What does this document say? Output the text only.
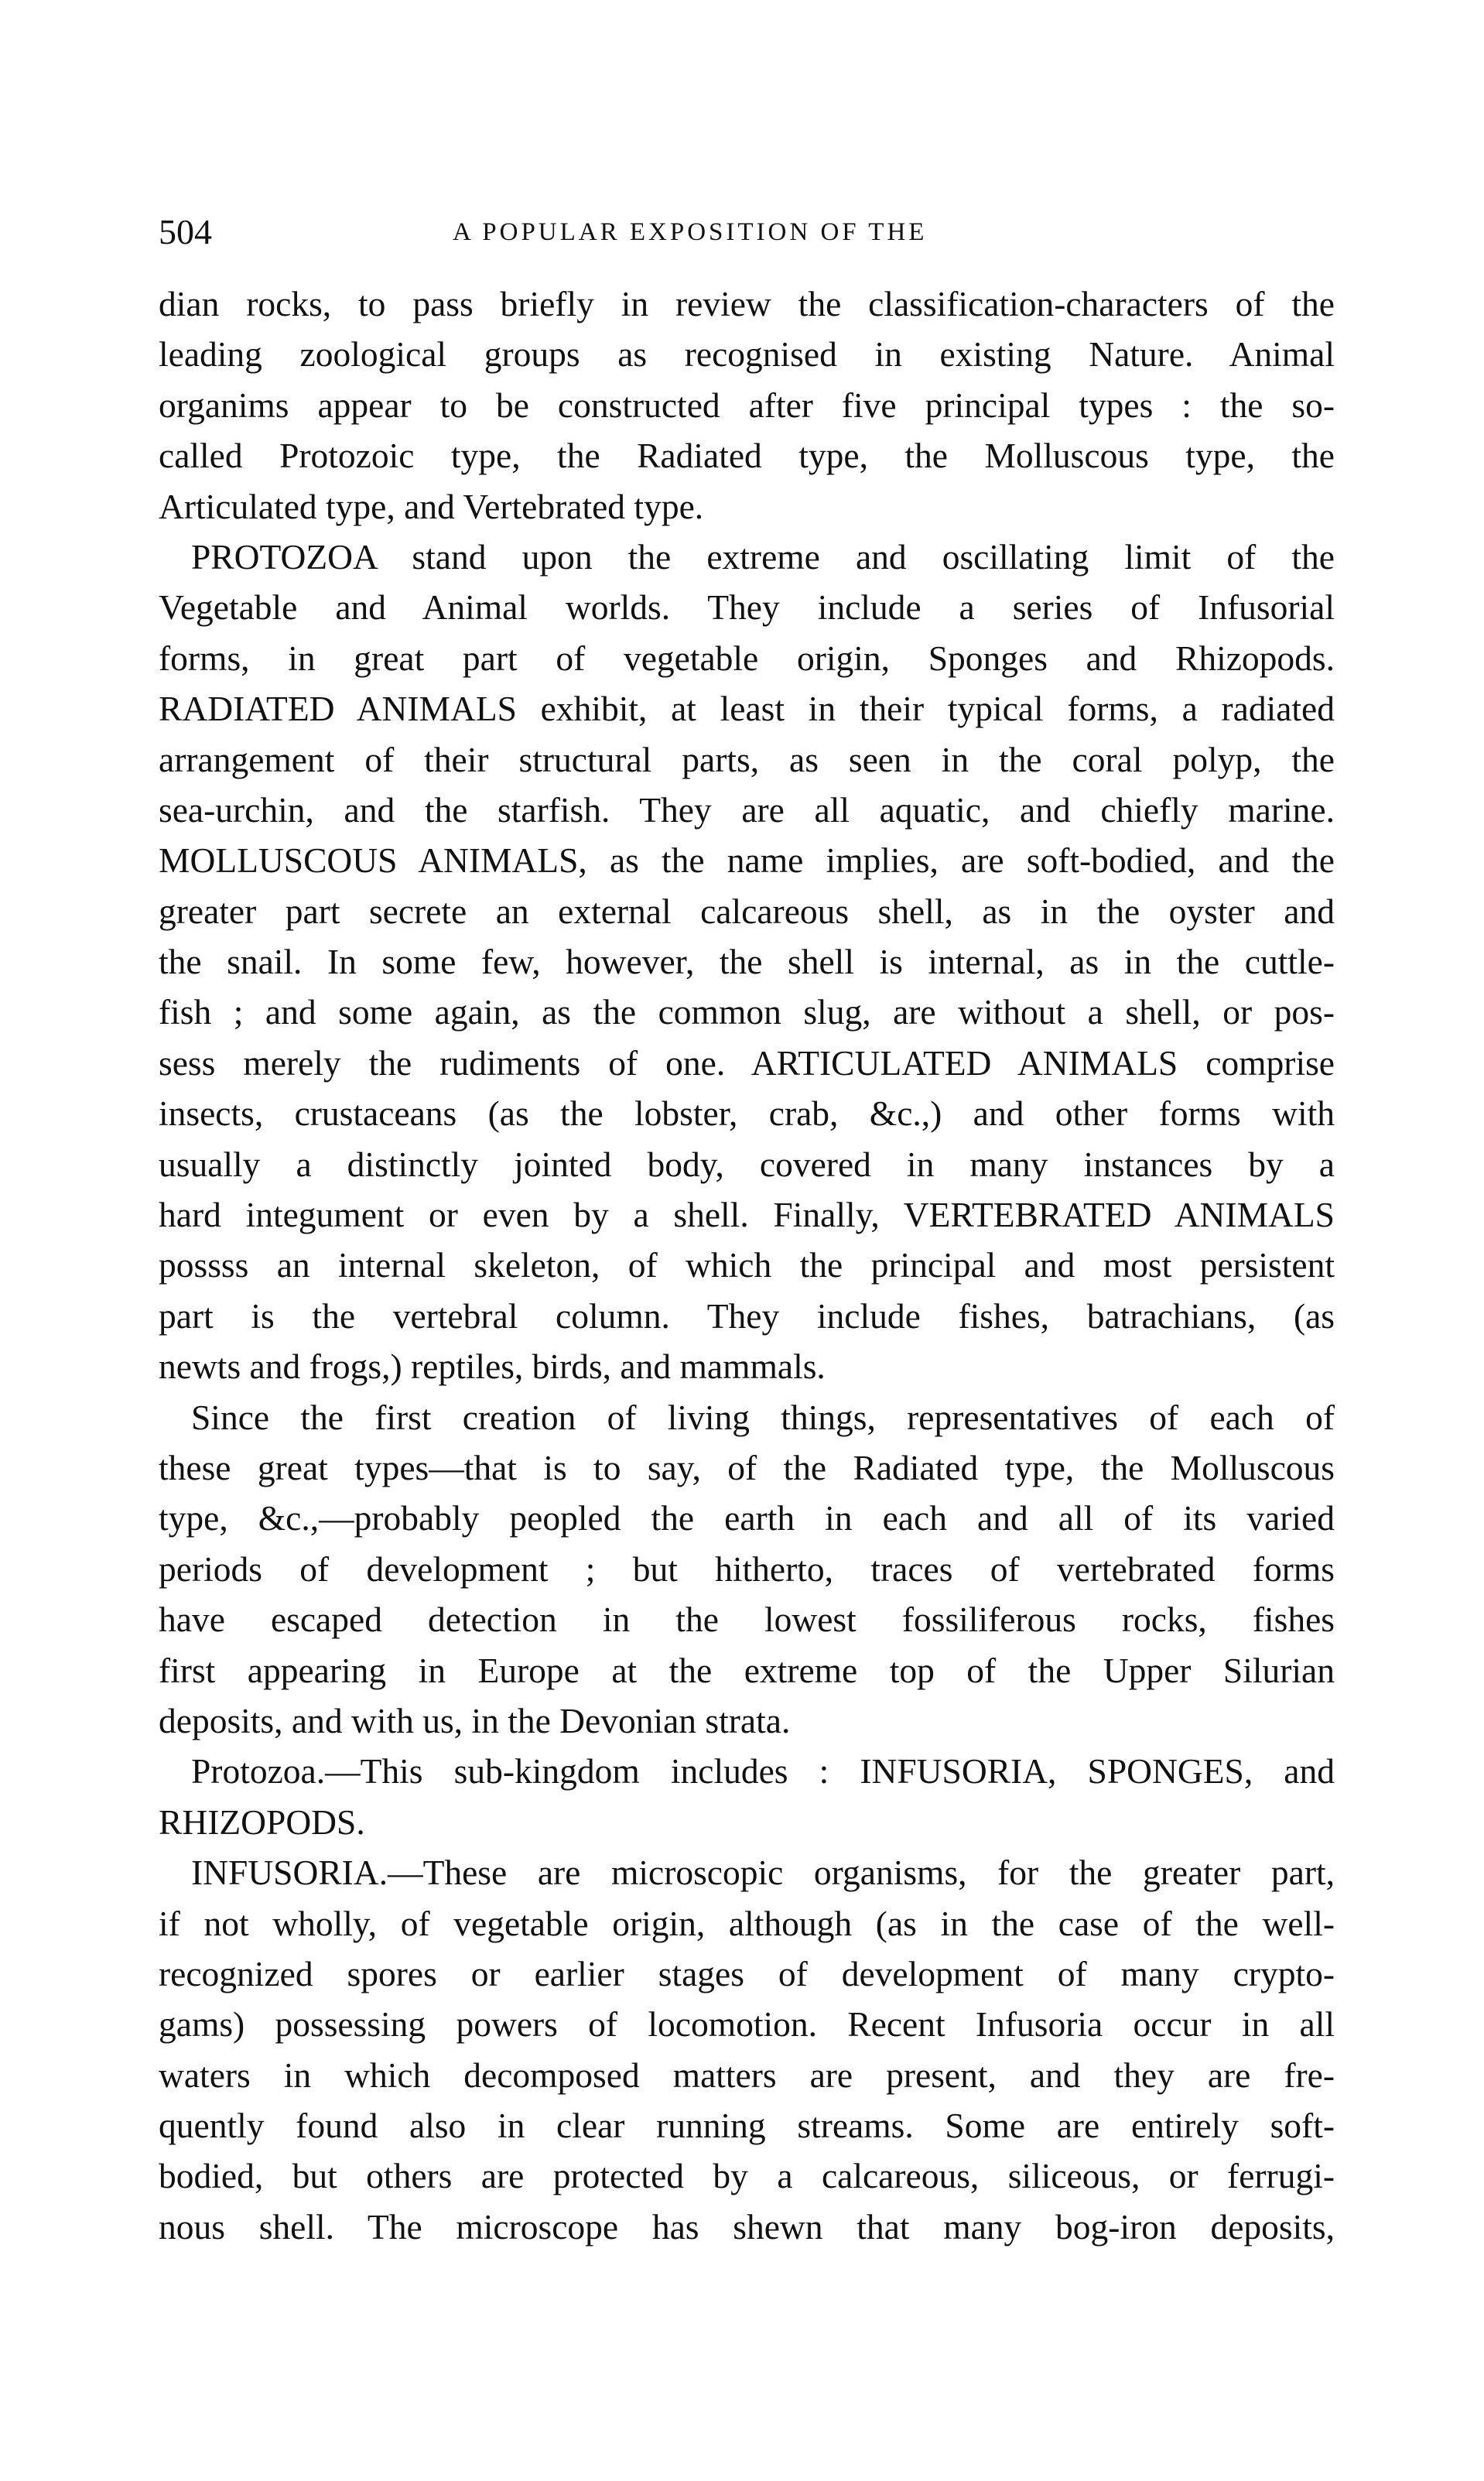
504	A POPULAR EXPOSITION OF THE
dian rocks, to pass briefly in review the classification-characters of the
leading zoological groups as recognised in existing Nature. Animal
organims appear to be constructed after five principal types : the so-
called Protozoic type, the Radiated type, the Molluscous type, the
Articulated type, and Vertebrated type.
PROTOZOA stand upon the extreme and oscillating limit of the
Vegetable and Animal worlds. They include a series of Infusorial
forms, in great part of vegetable origin, Sponges and Rhizopods.
RADIATED ANIMALS exhibit, at least in their typical forms, a radiated
arrangement of their structural parts, as seen in the coral polyp, the
sea-urchin, and the starfish. They are all aquatic, and chiefly marine.
MOLLUSCOUS ANIMALS, as the name implies, are soft-bodied, and the
greater part secrete an external calcareous shell, as in the oyster and
the snail. In some few, however, the shell is internal, as in the cuttle-
fish ; and some again, as the common slug, are without a shell, or pos-
sess merely the rudiments of one. ARTICULATED ANIMALS comprise
insects, crustaceans (as the lobster, crab, &c.,) and other forms with
usually a distinctly jointed body, covered in many instances by a
hard integument or even by a shell. Finally, VERTEBRATED ANIMALS
possss an internal skeleton, of which the principal and most persistent
part is the vertebral column. They include fishes, batrachians, (as
newts and frogs,) reptiles, birds, and mammals.
Since the first creation of living things, representatives of each of
these great types—that is to say, of the Radiated type, the Molluscous
type, &c.,—probably peopled the earth in each and all of its varied
periods of development ; but hitherto, traces of vertebrated forms
have escaped detection in the lowest fossiliferous rocks, fishes
first appearing in Europe at the extreme top of the Upper Silurian
deposits, and with us, in the Devonian strata.
Protozoa.—This sub-kingdom includes : INFUSORIA, SPONGES, and
RHIZOPODS.
INFUSORIA.—These are microscopic organisms, for the greater part,
if not wholly, of vegetable origin, although (as in the case of the well-
recognized spores or earlier stages of development of many crypto-
gams) possessing powers of locomotion. Recent Infusoria occur in all
waters in which decomposed matters are present, and they are fre-
quently found also in clear running streams. Some are entirely soft-
bodied, but others are protected by a calcareous, siliceous, or ferrugi-
nous shell. The microscope has shewn that many bog-iron deposits,
